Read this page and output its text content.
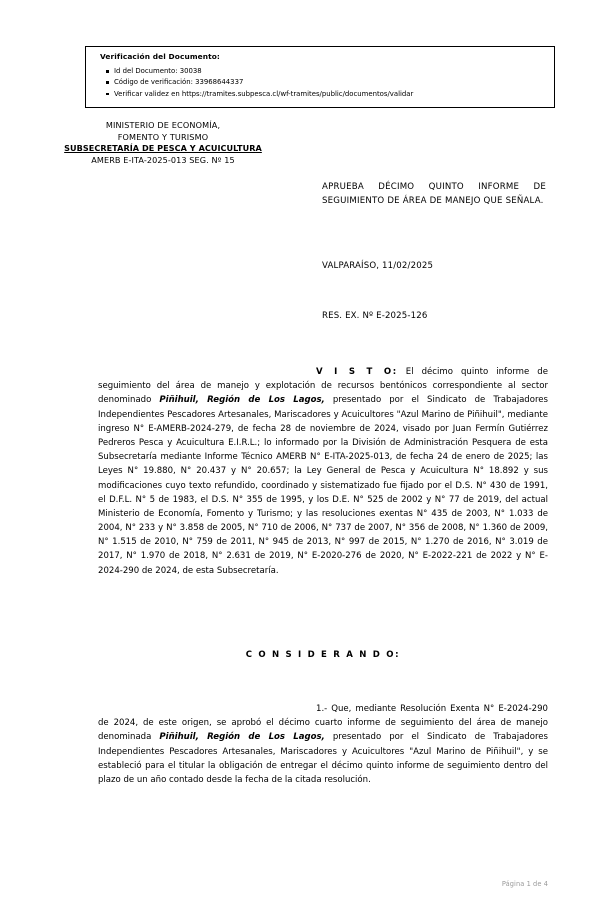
Verificación del Documento:
Id del Documento: 30038
Código de verificación: 33968644337
Verificar validez en https://tramites.subpesca.cl/wf-tramites/public/documentos/validar
MINISTERIO DE ECONOMÍA,
FOMENTO Y TURISMO
SUBSECRETARÍA DE PESCA Y ACUICULTURA
AMERB E-ITA-2025-013 SEG. Nº 15
APRUEBA DÉCIMO QUINTO INFORME DE SEGUIMIENTO DE ÁREA DE MANEJO QUE SEÑALA.
VALPARAÍSO, 11/02/2025
RES. EX. Nº E-2025-126
V I S T O: El décimo quinto informe de seguimiento del área de manejo y explotación de recursos bentónicos correspondiente al sector denominado Piñihuil, Región de Los Lagos, presentado por el Sindicato de Trabajadores Independientes Pescadores Artesanales, Mariscadores y Acuicultores "Azul Marino de Piñihuil", mediante ingreso N° E-AMERB-2024-279, de fecha 28 de noviembre de 2024, visado por Juan Fermín Gutiérrez Pedreros Pesca y Acuicultura E.I.R.L.; lo informado por la División de Administración Pesquera de esta Subsecretaría mediante Informe Técnico AMERB N° E-ITA-2025-013, de fecha 24 de enero de 2025; las Leyes N° 19.880, N° 20.437 y N° 20.657; la Ley General de Pesca y Acuicultura N° 18.892 y sus modificaciones cuyo texto refundido, coordinado y sistematizado fue fijado por el D.S. N° 430 de 1991, el D.F.L. N° 5 de 1983, el D.S. N° 355 de 1995, y los D.E. N° 525 de 2002 y N° 77 de 2019, del actual Ministerio de Economía, Fomento y Turismo; y las resoluciones exentas N° 435 de 2003, N° 1.033 de 2004, N° 233 y N° 3.858 de 2005, N° 710 de 2006, N° 737 de 2007, N° 356 de 2008, N° 1.360 de 2009, N° 1.515 de 2010, N° 759 de 2011, N° 945 de 2013, N° 997 de 2015, N° 1.270 de 2016, N° 3.019 de 2017, N° 1.970 de 2018, N° 2.631 de 2019, N° E-2020-276 de 2020, N° E-2022-221 de 2022 y N° E-2024-290 de 2024, de esta Subsecretaría.
C O N S I D E R A N D O:
1.- Que, mediante Resolución Exenta N° E-2024-290 de 2024, de este origen, se aprobó el décimo cuarto informe de seguimiento del área de manejo denominada Piñihuil, Región de Los Lagos, presentado por el Sindicato de Trabajadores Independientes Pescadores Artesanales, Mariscadores y Acuicultores "Azul Marino de Piñihuil", y se estableció para el titular la obligación de entregar el décimo quinto informe de seguimiento dentro del plazo de un año contado desde la fecha de la citada resolución.
Página 1 de 4
